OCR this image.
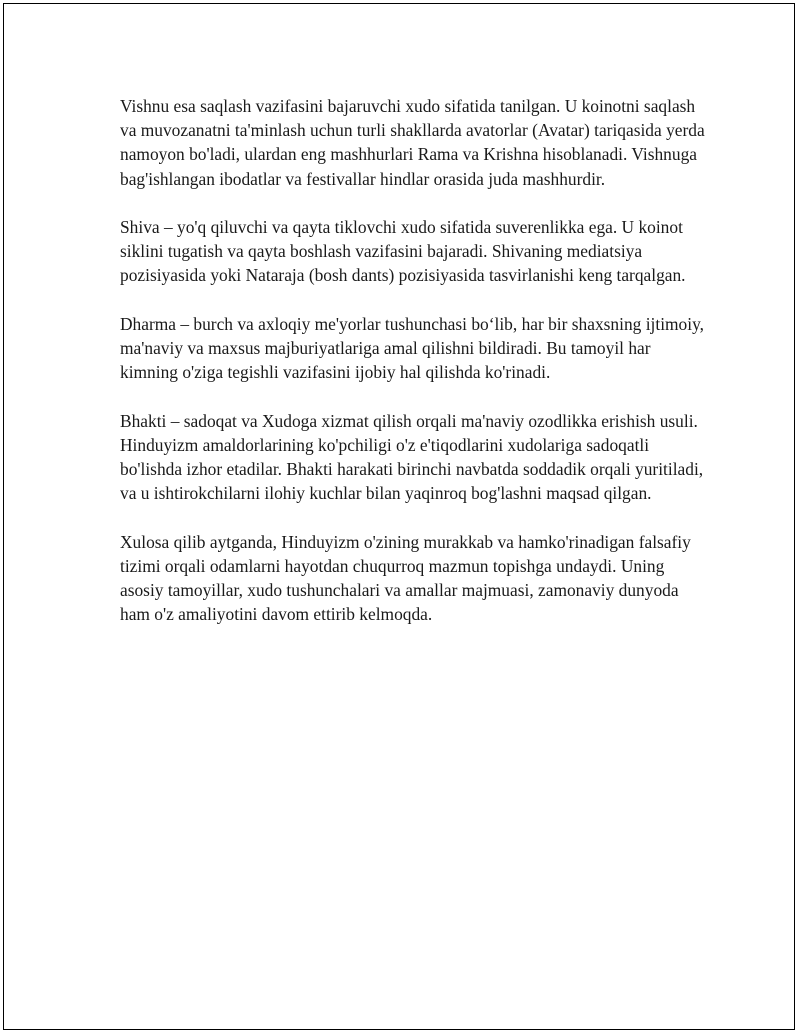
Vishnu esa saqlash vazifasini bajaruvchi xudo sifatida tanilgan. U koinotni saqlash va muvozanatni ta'minlash uchun turli shakllarda avatorlar (Avatar) tariqasida yerda namoyon bo'ladi, ulardan eng mashhurlari Rama va Krishna hisoblanadi. Vishnuga bag'ishlangan ibodatlar va festivallar hindlar orasida juda mashhurdir.

Shiva – yo'q qiluvchi va qayta tiklovchi xudo sifatida suverenlikka ega. U koinot siklini tugatish va qayta boshlash vazifasini bajaradi. Shivaning mediatsiya pozisiyasida yoki Nataraja (bosh dants) pozisiyasida tasvirlanishi keng tarqalgan.

Dharma – burch va axloqiy me'yorlar tushunchasi bo‘lib, har bir shaxsning ijtimoiy, ma'naviy va maxsus majburiyatlariga amal qilishni bildiradi. Bu tamoyil har kimning o'ziga tegishli vazifasini ijobiy hal qilishda ko'rinadi.

Bhakti – sadoqat va Xudoga xizmat qilish orqali ma'naviy ozodlikka erishish usuli. Hinduyizm amaldorlarining ko'pchiligi o'z e'tiqodlarini xudolariga sadoqatli bo'lishda izhor etadilar. Bhakti harakati birinchi navbatda soddadik orqali yuritiladi, va u ishtirokchilarni ilohiy kuchlar bilan yaqinroq bog'lashni maqsad qilgan.

Xulosa qilib aytganda, Hinduyizm o'zining murakkab va hamko'rinadigan falsafiy tizimi orqali odamlarni hayotdan chuqurroq mazmun topishga undaydi. Uning asosiy tamoyillar, xudo tushunchalari va amallar majmuasi, zamonaviy dunyoda ham o'z amaliyotini davom ettirib kelmoqda.
